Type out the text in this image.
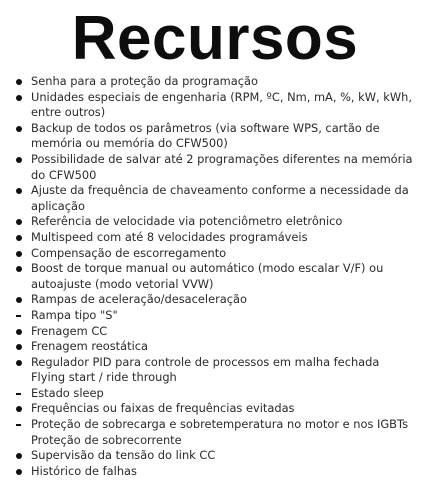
Recursos
Senha para a proteção da programação
Unidades especiais de engenharia (RPM, ºC, Nm, mA, %, kW, kWh,
entre outros)
Backup de todos os parâmetros (via software WPS, cartão de
memória ou memória do CFW500)
Possibilidade de salvar até 2 programações diferentes na memória
do CFW500
Ajuste da frequência de chaveamento conforme a necessidade da
aplicação
Referência de velocidade via potenciômetro eletrônico
Multispeed com até 8 velocidades programáveis
Compensação de escorregamento
Boost de torque manual ou automático (modo escalar V/F) ou
autoajuste (modo vetorial VVW)
Rampas de aceleração/desaceleração
Rampa tipo "S"
Frenagem CC
Frenagem reostática
Regulador PID para controle de processos em malha fechada
Flying start / ride through
Estado sleep
Frequências ou faixas de frequências evitadas
Proteção de sobrecarga e sobretemperatura no motor e nos IGBTs
Proteção de sobrecorrente
Supervisão da tensão do link CC
Histórico de falhas
